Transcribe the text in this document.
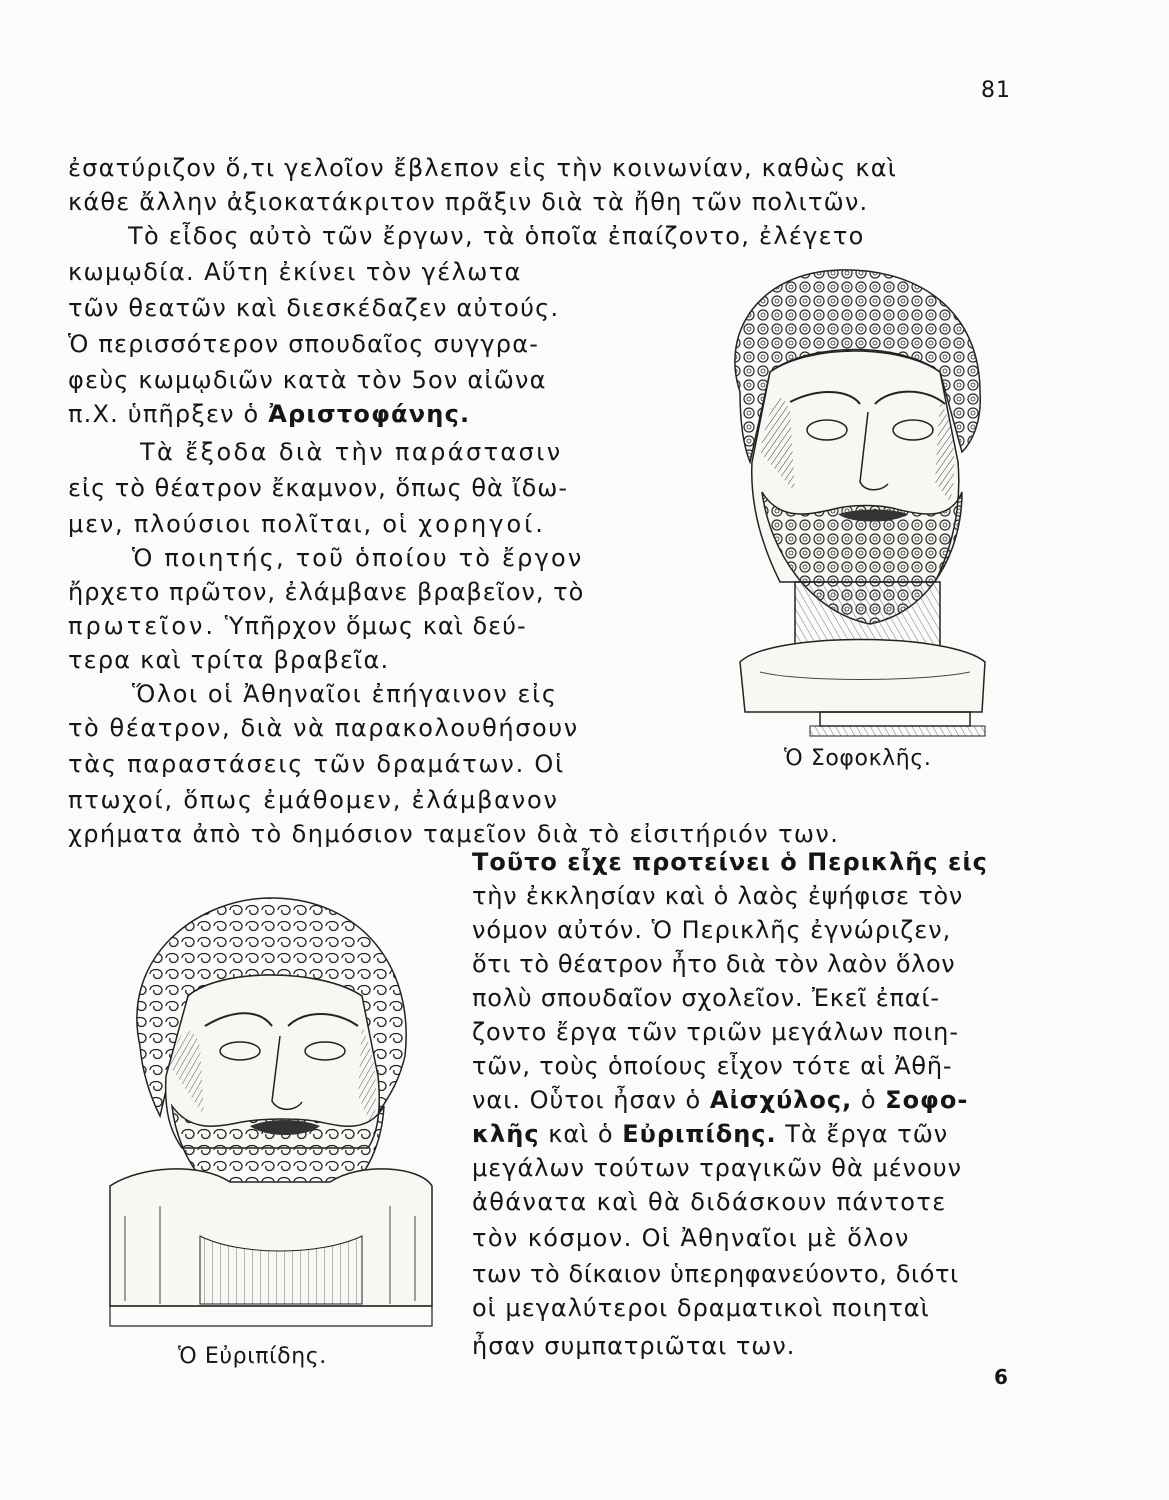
81
ἐσατύριζον ὅ,τι γελοῖον ἔβλεπον εἰς τὴν κοινωνίαν, καθὼς καὶ
κάθε ἄλλην ἀξιοκατάκριτον πρᾶξιν διὰ τὰ ἤθη τῶν πολιτῶν.
Τὸ εἶδος αὐτὸ τῶν ἔργων, τὰ ὁποῖα ἐπαίζοντο, ἐλέγετο
κωμῳδία. Αὕτη ἐκίνει τὸν γέλωτα
τῶν θεατῶν καὶ διεσκέδαζεν αὐτούς.
Ὁ περισσότερον σπουδαῖος συγγρα-
φεὺς κωμῳδιῶν κατὰ τὸν 5ον αἰῶνα
π.Χ. ὑπῆρξεν ὁ Ἀριστοφάνης.
Τὰ ἔξοδα διὰ τὴν παράστασιν
εἰς τὸ θέατρον ἔκαμνον, ὅπως θὰ ἴδω-
μεν, πλούσιοι πολῖται, οἱ χορηγοί.
Ὁ ποιητής, τοῦ ὁποίου τὸ ἔργον
ἤρχετο πρῶτον, ἐλάμβανε βραβεῖον, τὸ
πρωτεῖον. Ὑπῆρχον ὅμως καὶ δεύ-
τερα καὶ τρίτα βραβεῖα.
Ὅλοι οἱ Ἀθηναῖοι ἐπήγαινον εἰς
τὸ θέατρον, διὰ νὰ παρακολουθήσουν
τὰς παραστάσεις τῶν δραμάτων. Οἱ
πτωχοί, ὅπως ἐμάθομεν, ἐλάμβανον
χρήματα ἀπὸ τὸ δημόσιον ταμεῖον διὰ τὸ εἰσιτήριόν των.
Τοῦτο εἶχε προτείνει ὁ Περικλῆς εἰς
τὴν ἐκκλησίαν καὶ ὁ λαὸς ἐψήφισε τὸν
νόμον αὐτόν. Ὁ Περικλῆς ἐγνώριζεν,
ὅτι τὸ θέατρον ἦτο διὰ τὸν λαὸν ὅλον
πολὺ σπουδαῖον σχολεῖον. Ἐκεῖ ἐπαί-
ζοντο ἔργα τῶν τριῶν μεγάλων ποιη-
τῶν, τοὺς ὁποίους εἶχον τότε αἱ Ἀθῆ-
ναι. Οὗτοι ἦσαν ὁ Αἰσχύλος, ὁ Σοφο-
κλῆς καὶ ὁ Εὐριπίδης. Τὰ ἔργα τῶν
μεγάλων τούτων τραγικῶν θὰ μένουν
ἀθάνατα καὶ θὰ διδάσκουν πάντοτε
τὸν κόσμον. Οἱ Ἀθηναῖοι μὲ ὅλον
των τὸ δίκαιον ὑπερηφανεύοντο, διότι
οἱ μεγαλύτεροι δραματικοὶ ποιηταὶ
ἦσαν συμπατριῶται των.
Ὁ Σοφοκλῆς.
Ὁ Εὐριπίδης.
6
